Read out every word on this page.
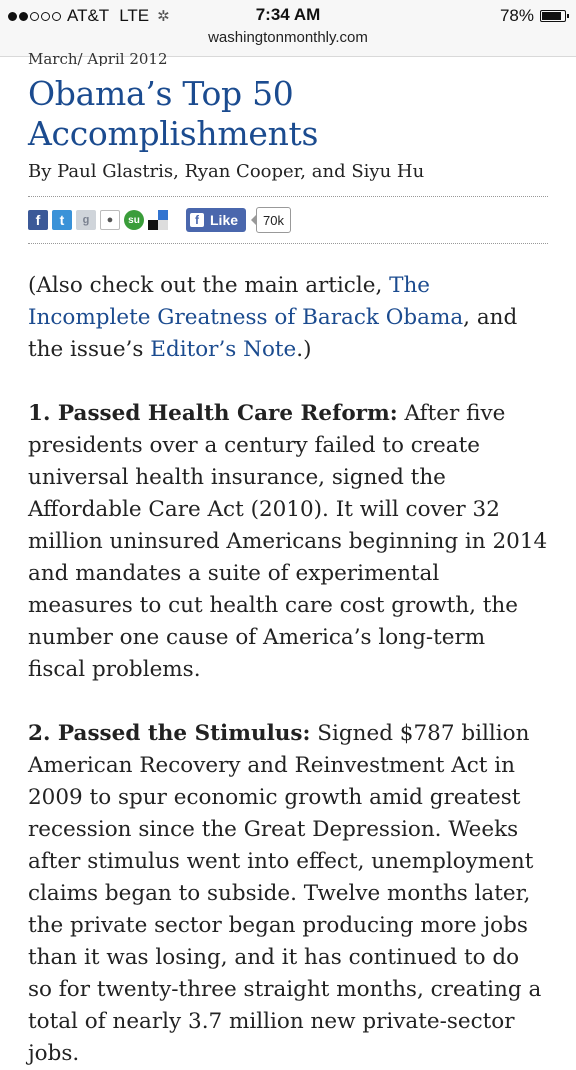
AT&T LTE ✲	7:34 AM	78%
washingtonmonthly.com
March/ April 2012
Obama’s Top 50 Accomplishments
By Paul Glastris, Ryan Cooper, and Siyu Hu
f	t	g	●	su	f Like	70k

(Also check out the main article, The Incomplete Greatness of Barack Obama, and the issue’s Editor’s Note.)

1. Passed Health Care Reform: After five presidents over a century failed to create universal health insurance, signed the Affordable Care Act (2010). It will cover 32 million uninsured Americans beginning in 2014 and mandates a suite of experimental measures to cut health care cost growth, the number one cause of America’s long-term fiscal problems.

2. Passed the Stimulus: Signed $787 billion American Recovery and Reinvestment Act in 2009 to spur economic growth amid greatest recession since the Great Depression. Weeks after stimulus went into effect, unemployment claims began to subside. Twelve months later, the private sector began producing more jobs than it was losing, and it has continued to do so for twenty-three straight months, creating a total of nearly 3.7 million new private-sector jobs.
